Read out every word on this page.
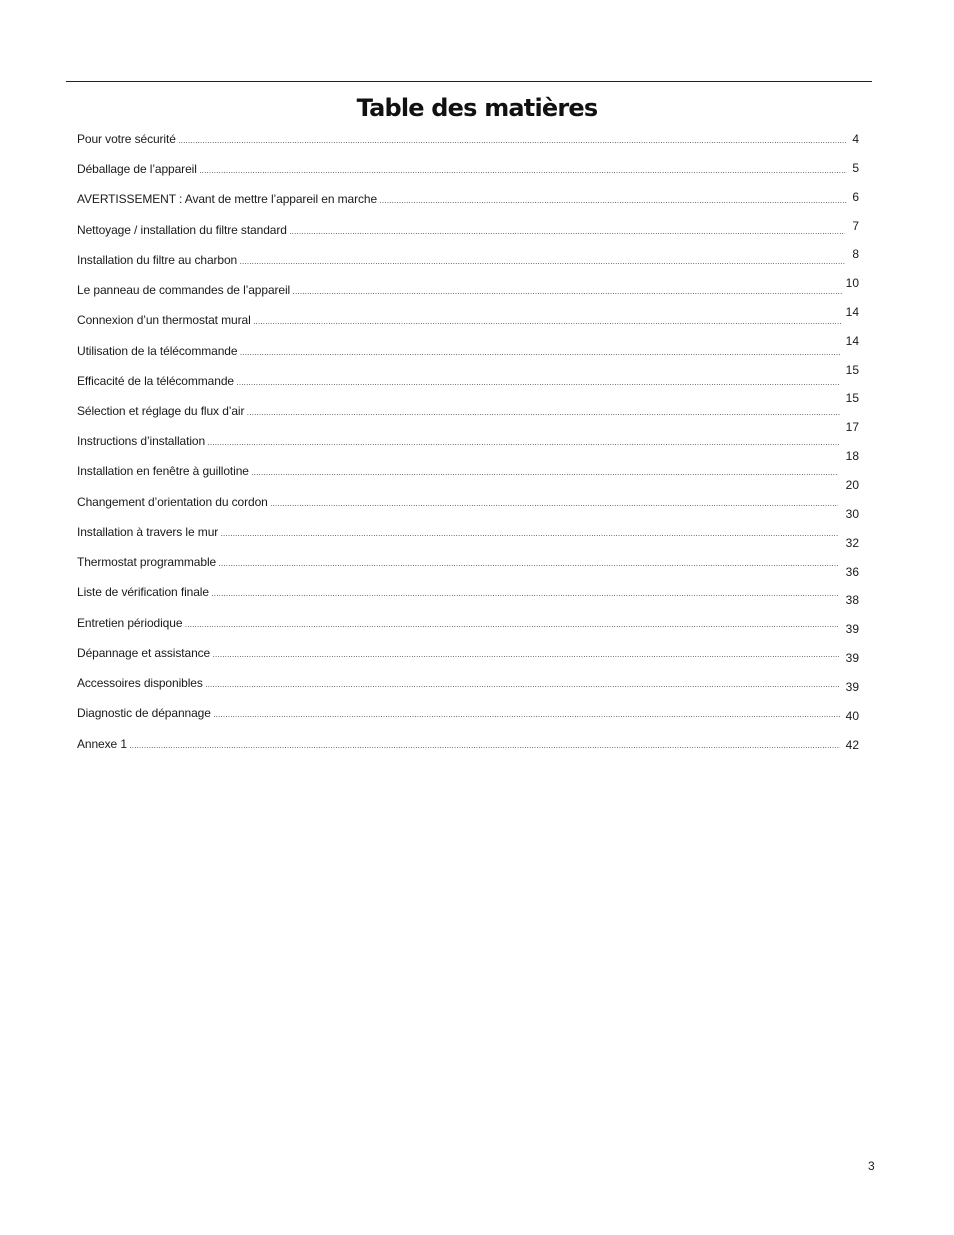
Table des matières
Pour votre sécurité .....
Déballage de l’appareil .....
AVERTISSEMENT : Avant de mettre l’appareil en marche .....
Nettoyage / installation du filtre standard .....
Installation du filtre au charbon .....
Le panneau de commandes de l’appareil .....
Connexion d’un thermostat mural .....
Utilisation de la télécommande .....
Efficacité de la télécommande .....
Sélection et réglage du flux d’air .....
Instructions d’installation .....
Installation en fenêtre à guillotine .....
Changement d’orientation du cordon .....
Installation à travers le mur .....
Thermostat programmable .....
Liste de vérification finale .....
Entretien périodique .....
Dépannage et assistance .....
Accessoires disponibles .....
Diagnostic de dépannage .....
Annexe 1 .....
4
5
6
7
8
10
14
14
15
15
17
18
20
30
32
36
38
39
39
39
40
42
3
